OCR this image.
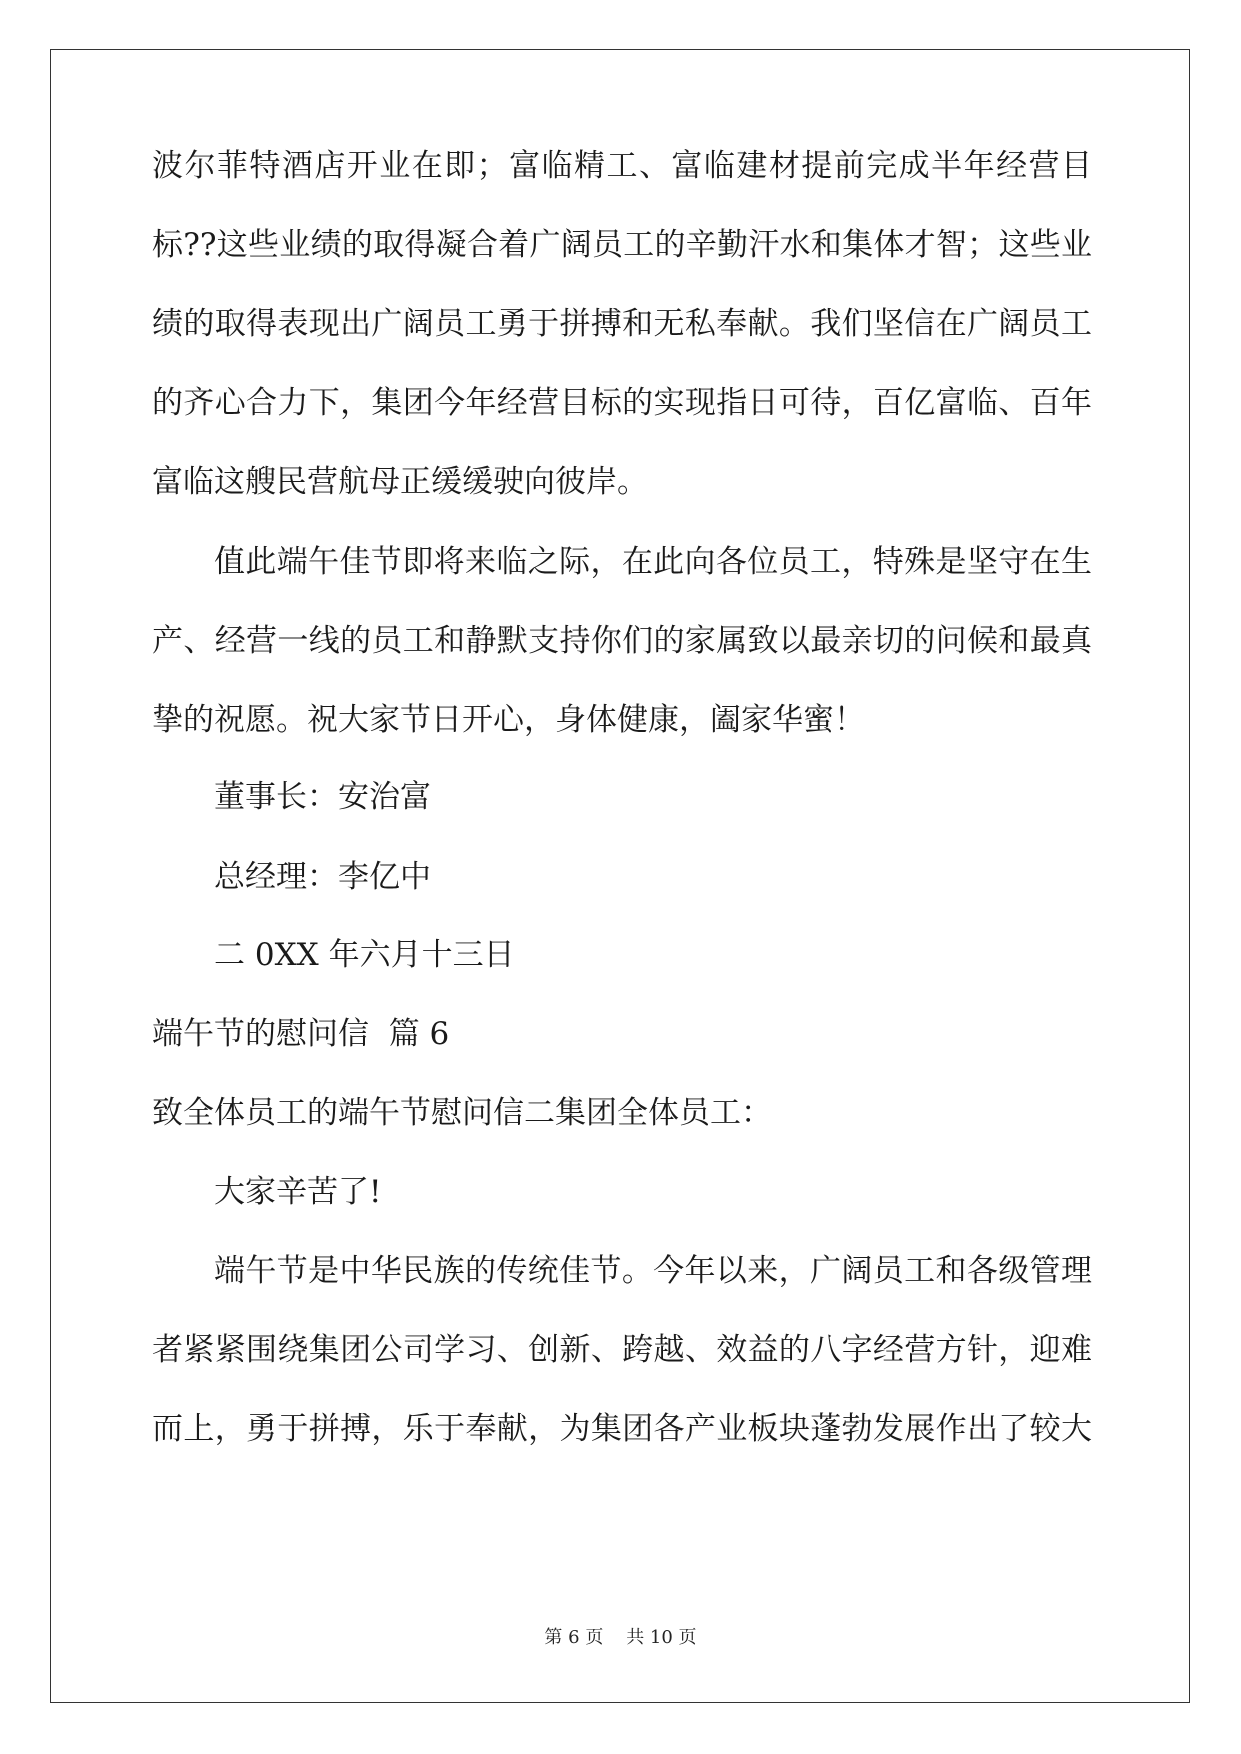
波尔菲特酒店开业在即；富临精工、富临建材提前完成半年经营目
标??这些业绩的取得凝合着广阔员工的辛勤汗水和集体才智；这些业
绩的取得表现出广阔员工勇于拼搏和无私奉献。我们坚信在广阔员工
的齐心合力下，集团今年经营目标的实现指日可待，百亿富临、百年
富临这艘民营航母正缓缓驶向彼岸。
值此端午佳节即将来临之际，在此向各位员工，特殊是坚守在生
产、经营一线的员工和静默支持你们的家属致以最亲切的问候和最真
挚的祝愿。祝大家节日开心，身体健康，阖家华蜜！
董事长：安治富
总经理：李亿中
二 0XX 年六月十三日
端午节的慰问信  篇 6
致全体员工的端午节慰问信二集团全体员工：
大家辛苦了!
端午节是中华民族的传统佳节。今年以来，广阔员工和各级管理
者紧紧围绕集团公司学习、创新、跨越、效益的八字经营方针，迎难
而上，勇于拼搏，乐于奉献，为集团各产业板块蓬勃发展作出了较大
第 6 页    共 10 页
